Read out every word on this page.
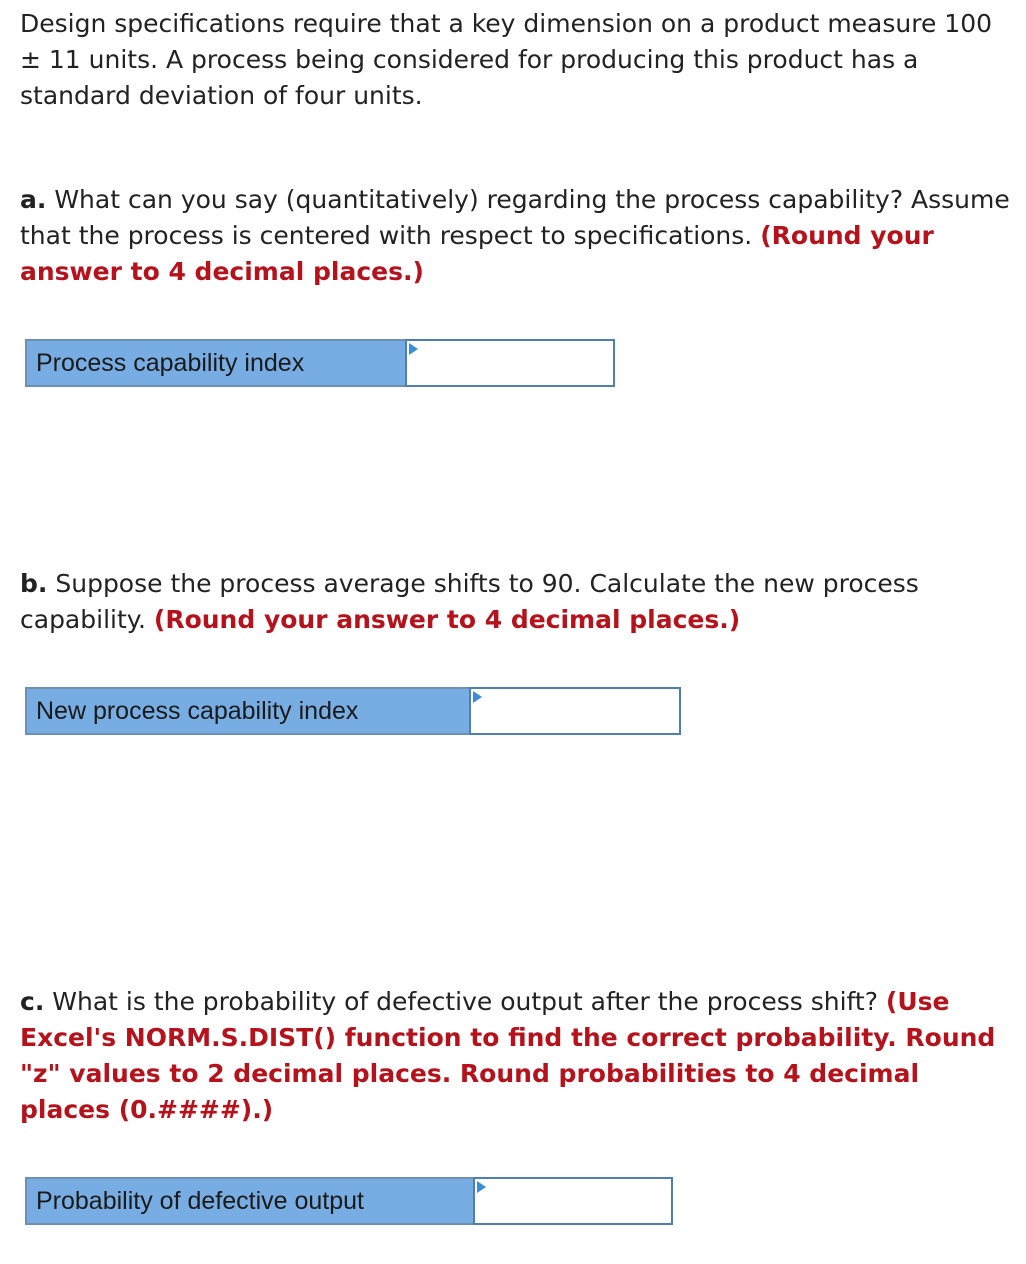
Design specifications require that a key dimension on a product measure 100 ± 11 units. A process being considered for producing this product has a standard deviation of four units.

a. What can you say (quantitatively) regarding the process capability? Assume that the process is centered with respect to specifications. (Round your answer to 4 decimal places.)

Process capability index

b. Suppose the process average shifts to 90. Calculate the new process capability. (Round your answer to 4 decimal places.)

New process capability index

c. What is the probability of defective output after the process shift? (Use Excel's NORM.S.DIST() function to find the correct probability. Round "z" values to 2 decimal places. Round probabilities to 4 decimal places (0.####).)

Probability of defective output
